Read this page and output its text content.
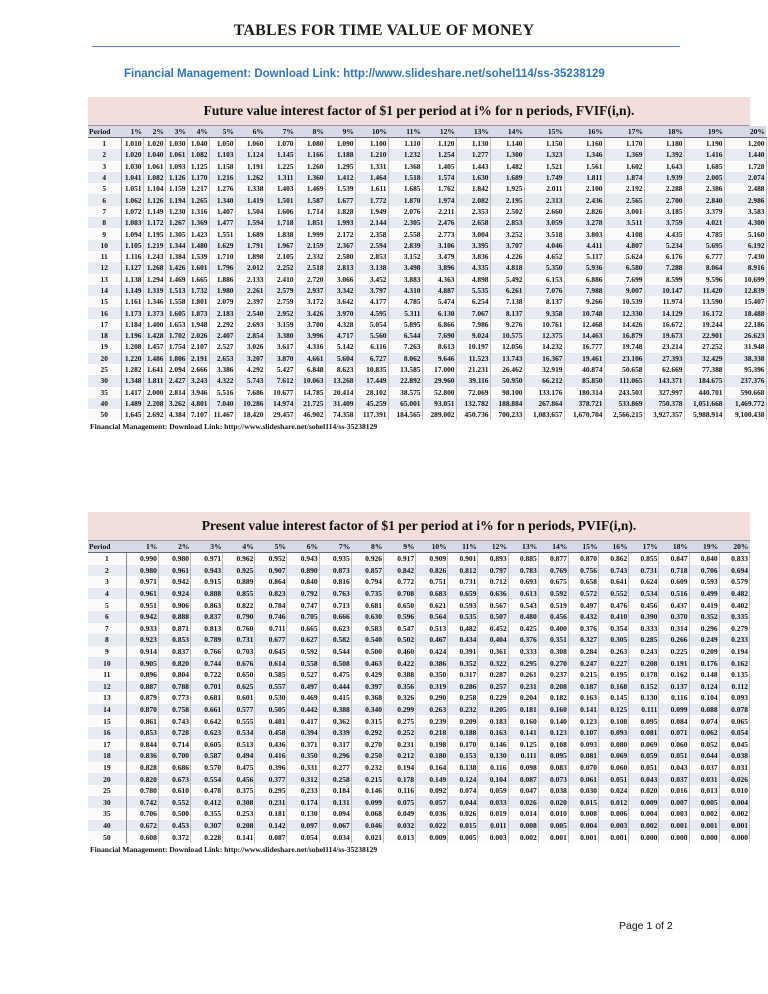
TABLES FOR TIME VALUE OF MONEY
Financial Management: Download Link: http://www.slideshare.net/sohel114/ss-35238129
Future value interest factor of $1 per period at i% for n periods, FVIF(i,n).
Period	1%	2%	3%	4%	5%	6%	7%	8%	9%	10%	11%	12%	13%	14%	15%	16%	17%	18%	19%	20%
1	1.010	1.020	1.030	1.040	1.050	1.060	1.070	1.080	1.090	1.100	1.110	1.120	1.130	1.140	1.150	1.160	1.170	1.180	1.190	1.200
2	1.020	1.040	1.061	1.082	1.103	1.124	1.145	1.166	1.188	1.210	1.232	1.254	1.277	1.300	1.323	1.346	1.369	1.392	1.416	1.440
3	1.030	1.061	1.093	1.125	1.158	1.191	1.225	1.260	1.295	1.331	1.368	1.405	1.443	1.482	1.521	1.561	1.602	1.643	1.685	1.728
4	1.041	1.082	1.126	1.170	1.216	1.262	1.311	1.360	1.412	1.464	1.518	1.574	1.630	1.689	1.749	1.811	1.874	1.939	2.005	2.074
5	1.051	1.104	1.159	1.217	1.276	1.338	1.403	1.469	1.539	1.611	1.685	1.762	1.842	1.925	2.011	2.100	2.192	2.288	2.386	2.488
6	1.062	1.126	1.194	1.265	1.340	1.419	1.501	1.587	1.677	1.772	1.870	1.974	2.082	2.195	2.313	2.436	2.565	2.700	2.840	2.986
7	1.072	1.149	1.230	1.316	1.407	1.504	1.606	1.714	1.828	1.949	2.076	2.211	2.353	2.502	2.660	2.826	3.001	3.185	3.379	3.583
8	1.083	1.172	1.267	1.369	1.477	1.594	1.718	1.851	1.993	2.144	2.305	2.476	2.658	2.853	3.059	3.278	3.511	3.759	4.021	4.300
9	1.094	1.195	1.305	1.423	1.551	1.689	1.838	1.999	2.172	2.358	2.558	2.773	3.004	3.252	3.518	3.803	4.108	4.435	4.785	5.160
10	1.105	1.219	1.344	1.480	1.629	1.791	1.967	2.159	2.367	2.594	2.839	3.106	3.395	3.707	4.046	4.411	4.807	5.234	5.695	6.192
11	1.116	1.243	1.384	1.539	1.710	1.898	2.105	2.332	2.580	2.853	3.152	3.479	3.836	4.226	4.652	5.117	5.624	6.176	6.777	7.430
12	1.127	1.268	1.426	1.601	1.796	2.012	2.252	2.518	2.813	3.138	3.498	3.896	4.335	4.818	5.350	5.936	6.580	7.288	8.064	8.916
13	1.138	1.294	1.469	1.665	1.886	2.133	2.410	2.720	3.066	3.452	3.883	4.363	4.898	5.492	6.153	6.886	7.699	8.599	9.596	10.699
14	1.149	1.319	1.513	1.732	1.980	2.261	2.579	2.937	3.342	3.797	4.310	4.887	5.535	6.261	7.076	7.988	9.007	10.147	11.420	12.839
15	1.161	1.346	1.558	1.801	2.079	2.397	2.759	3.172	3.642	4.177	4.785	5.474	6.254	7.138	8.137	9.266	10.539	11.974	13.590	15.407
16	1.173	1.373	1.605	1.873	2.183	2.540	2.952	3.426	3.970	4.595	5.311	6.130	7.067	8.137	9.358	10.748	12.330	14.129	16.172	18.488
17	1.184	1.400	1.653	1.948	2.292	2.693	3.159	3.700	4.328	5.054	5.895	6.866	7.986	9.276	10.761	12.468	14.426	16.672	19.244	22.186
18	1.196	1.428	1.702	2.026	2.407	2.854	3.380	3.996	4.717	5.560	6.544	7.690	9.024	10.575	12.375	14.463	16.879	19.673	22.901	26.623
19	1.208	1.457	1.754	2.107	2.527	3.026	3.617	4.316	5.142	6.116	7.263	8.613	10.197	12.056	14.232	16.777	19.748	23.214	27.252	31.948
20	1.220	1.486	1.806	2.191	2.653	3.207	3.870	4.661	5.604	6.727	8.062	9.646	11.523	13.743	16.367	19.461	23.106	27.393	32.429	38.338
25	1.282	1.641	2.094	2.666	3.386	4.292	5.427	6.848	8.623	10.835	13.585	17.000	21.231	26.462	32.919	40.874	50.658	62.669	77.388	95.396
30	1.348	1.811	2.427	3.243	4.322	5.743	7.612	10.063	13.268	17.449	22.892	29.960	39.116	50.950	66.212	85.850	111.065	143.371	184.675	237.376
35	1.417	2.000	2.814	3.946	5.516	7.686	10.677	14.785	20.414	28.102	38.575	52.800	72.069	98.100	133.176	180.314	243.503	327.997	440.701	590.668
40	1.489	2.208	3.262	4.801	7.040	10.286	14.974	21.725	31.409	45.259	65.001	93.051	132.782	188.884	267.864	378.721	533.869	750.378	1,051.668	1,469.772
50	1.645	2.692	4.384	7.107	11.467	18.420	29.457	46.902	74.358	117.391	184.565	289.002	450.736	700.233	1,083.657	1,670.704	2,566.215	3,927.357	5,988.914	9,100.438
Financial Management: Download Link: http://www.slideshare.net/sohel114/ss-35238129
Present value interest factor of $1 per period at i% for n periods, PVIF(i,n).
Period	1%	2%	3%	4%	5%	6%	7%	8%	9%	10%	11%	12%	13%	14%	15%	16%	17%	18%	19%	20%
1	0.990	0.980	0.971	0.962	0.952	0.943	0.935	0.926	0.917	0.909	0.901	0.893	0.885	0.877	0.870	0.862	0.855	0.847	0.840	0.833
2	0.980	0.961	0.943	0.925	0.907	0.890	0.873	0.857	0.842	0.826	0.812	0.797	0.783	0.769	0.756	0.743	0.731	0.718	0.706	0.694
3	0.971	0.942	0.915	0.889	0.864	0.840	0.816	0.794	0.772	0.751	0.731	0.712	0.693	0.675	0.658	0.641	0.624	0.609	0.593	0.579
4	0.961	0.924	0.888	0.855	0.823	0.792	0.763	0.735	0.708	0.683	0.659	0.636	0.613	0.592	0.572	0.552	0.534	0.516	0.499	0.482
5	0.951	0.906	0.863	0.822	0.784	0.747	0.713	0.681	0.650	0.621	0.593	0.567	0.543	0.519	0.497	0.476	0.456	0.437	0.419	0.402
6	0.942	0.888	0.837	0.790	0.746	0.705	0.666	0.630	0.596	0.564	0.535	0.507	0.480	0.456	0.432	0.410	0.390	0.370	0.352	0.335
7	0.933	0.871	0.813	0.760	0.711	0.665	0.623	0.583	0.547	0.513	0.482	0.452	0.425	0.400	0.376	0.354	0.333	0.314	0.296	0.279
8	0.923	0.853	0.789	0.731	0.677	0.627	0.582	0.540	0.502	0.467	0.434	0.404	0.376	0.351	0.327	0.305	0.285	0.266	0.249	0.233
9	0.914	0.837	0.766	0.703	0.645	0.592	0.544	0.500	0.460	0.424	0.391	0.361	0.333	0.308	0.284	0.263	0.243	0.225	0.209	0.194
10	0.905	0.820	0.744	0.676	0.614	0.558	0.508	0.463	0.422	0.386	0.352	0.322	0.295	0.270	0.247	0.227	0.208	0.191	0.176	0.162
11	0.896	0.804	0.722	0.650	0.585	0.527	0.475	0.429	0.388	0.350	0.317	0.287	0.261	0.237	0.215	0.195	0.178	0.162	0.148	0.135
12	0.887	0.788	0.701	0.625	0.557	0.497	0.444	0.397	0.356	0.319	0.286	0.257	0.231	0.208	0.187	0.168	0.152	0.137	0.124	0.112
13	0.879	0.773	0.681	0.601	0.530	0.469	0.415	0.368	0.326	0.290	0.258	0.229	0.204	0.182	0.163	0.145	0.130	0.116	0.104	0.093
14	0.870	0.758	0.661	0.577	0.505	0.442	0.388	0.340	0.299	0.263	0.232	0.205	0.181	0.160	0.141	0.125	0.111	0.099	0.088	0.078
15	0.861	0.743	0.642	0.555	0.481	0.417	0.362	0.315	0.275	0.239	0.209	0.183	0.160	0.140	0.123	0.108	0.095	0.084	0.074	0.065
16	0.853	0.728	0.623	0.534	0.458	0.394	0.339	0.292	0.252	0.218	0.188	0.163	0.141	0.123	0.107	0.093	0.081	0.071	0.062	0.054
17	0.844	0.714	0.605	0.513	0.436	0.371	0.317	0.270	0.231	0.198	0.170	0.146	0.125	0.108	0.093	0.080	0.069	0.060	0.052	0.045
18	0.836	0.700	0.587	0.494	0.416	0.350	0.296	0.250	0.212	0.180	0.153	0.130	0.111	0.095	0.081	0.069	0.059	0.051	0.044	0.038
19	0.828	0.686	0.570	0.475	0.396	0.331	0.277	0.232	0.194	0.164	0.138	0.116	0.098	0.083	0.070	0.060	0.051	0.043	0.037	0.031
20	0.820	0.673	0.554	0.456	0.377	0.312	0.258	0.215	0.178	0.149	0.124	0.104	0.087	0.073	0.061	0.051	0.043	0.037	0.031	0.026
25	0.780	0.610	0.478	0.375	0.295	0.233	0.184	0.146	0.116	0.092	0.074	0.059	0.047	0.038	0.030	0.024	0.020	0.016	0.013	0.010
30	0.742	0.552	0.412	0.308	0.231	0.174	0.131	0.099	0.075	0.057	0.044	0.033	0.026	0.020	0.015	0.012	0.009	0.007	0.005	0.004
35	0.706	0.500	0.355	0.253	0.181	0.130	0.094	0.068	0.049	0.036	0.026	0.019	0.014	0.010	0.008	0.006	0.004	0.003	0.002	0.002
40	0.672	0.453	0.307	0.208	0.142	0.097	0.067	0.046	0.032	0.022	0.015	0.011	0.008	0.005	0.004	0.003	0.002	0.001	0.001	0.001
50	0.608	0.372	0.228	0.141	0.087	0.054	0.034	0.021	0.013	0.009	0.005	0.003	0.002	0.001	0.001	0.001	0.000	0.000	0.000	0.000
Financial Management: Download Link: http://www.slideshare.net/sohel114/ss-35238129
Page 1 of 2
